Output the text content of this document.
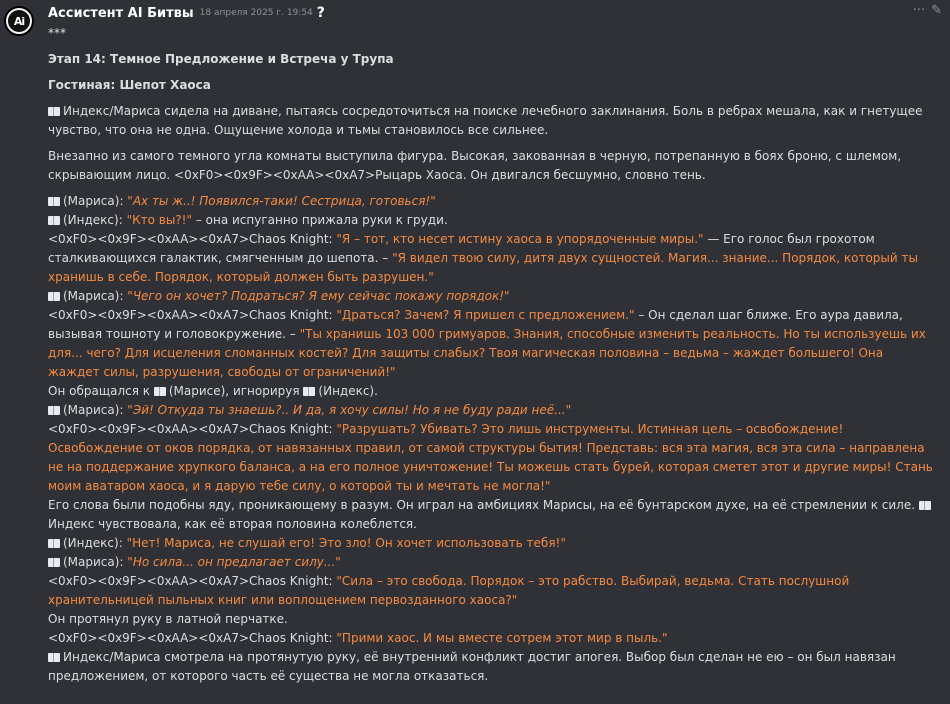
Ai
Ассистент AI Битвы 18 апреля 2025 г. 19:54 ?	··· ✎
***
Этап 14: Темное Предложение и Встреча у Трупа
Гостиная: Шепот Хаоса
Индекс/Мариса сидела на диване, пытаясь сосредоточиться на поиске лечебного заклинания. Боль в ребрах мешала, как и гнетущее чувство, что она не одна. Ощущение холода и тьмы становилось все сильнее.
Внезапно из самого темного угла комнаты выступила фигура. Высокая, закованная в черную, потрепанную в боях броню, с шлемом, скрывающим лицо. <0xF0><0x9F><0xAA><0xA7>Рыцарь Хаоса. Он двигался бесшумно, словно тень.
(Мариса): "Ах ты ж..! Появился-таки! Сестрица, готовься!"
(Индекс): "Кто вы?!" – она испуганно прижала руки к груди.
<0xF0><0x9F><0xAA><0xA7>Chaos Knight: "Я – тот, кто несет истину хаоса в упорядоченные миры." — Его голос был грохотом сталкивающихся галактик, смягченным до шепота. – "Я видел твою силу, дитя двух сущностей. Магия... знание... Порядок, который ты хранишь в себе. Порядок, который должен быть разрушен."
(Мариса): "Чего он хочет? Подраться? Я ему сейчас покажу порядок!"
<0xF0><0x9F><0xAA><0xA7>Chaos Knight: "Драться? Зачем? Я пришел с предложением." – Он сделал шаг ближе. Его аура давила, вызывая тошноту и головокружение. – "Ты хранишь 103 000 гримуаров. Знания, способные изменить реальность. Но ты используешь их для... чего? Для исцеления сломанных костей? Для защиты слабых? Твоя магическая половина – ведьма – жаждет большего! Она жаждет силы, разрушения, свободы от ограничений!"
Он обращался к (Марисе), игнорируя (Индекс).
(Мариса): "Эй! Откуда ты знаешь?.. И да, я хочу силы! Но я не буду ради неё..."
<0xF0><0x9F><0xAA><0xA7>Chaos Knight: "Разрушать? Убивать? Это лишь инструменты. Истинная цель – освобождение! Освобождение от оков порядка, от навязанных правил, от самой структуры бытия! Представь: вся эта магия, вся эта сила – направлена не на поддержание хрупкого баланса, а на его полное уничтожение! Ты можешь стать бурей, которая сметет этот и другие миры! Стань моим аватаром хаоса, и я дарую тебе силу, о которой ты и мечтать не могла!"
Его слова были подобны яду, проникающему в разум. Он играл на амбициях Марисы, на её бунтарском духе, на её стремлении к силе.
Индекс чувствовала, как её вторая половина колеблется.
(Индекс): "Нет! Мариса, не слушай его! Это зло! Он хочет использовать тебя!"
(Мариса): "Но сила... он предлагает силу..."
<0xF0><0x9F><0xAA><0xA7>Chaos Knight: "Сила – это свобода. Порядок – это рабство. Выбирай, ведьма. Стать послушной хранительницей пыльных книг или воплощением первозданного хаоса?"
Он протянул руку в латной перчатке.
<0xF0><0x9F><0xAA><0xA7>Chaos Knight: "Прими хаос. И мы вместе сотрем этот мир в пыль."
Индекс/Мариса смотрела на протянутую руку, её внутренний конфликт достиг апогея. Выбор был сделан не ею – он был навязан предложением, от которого часть её существа не могла отказаться.
